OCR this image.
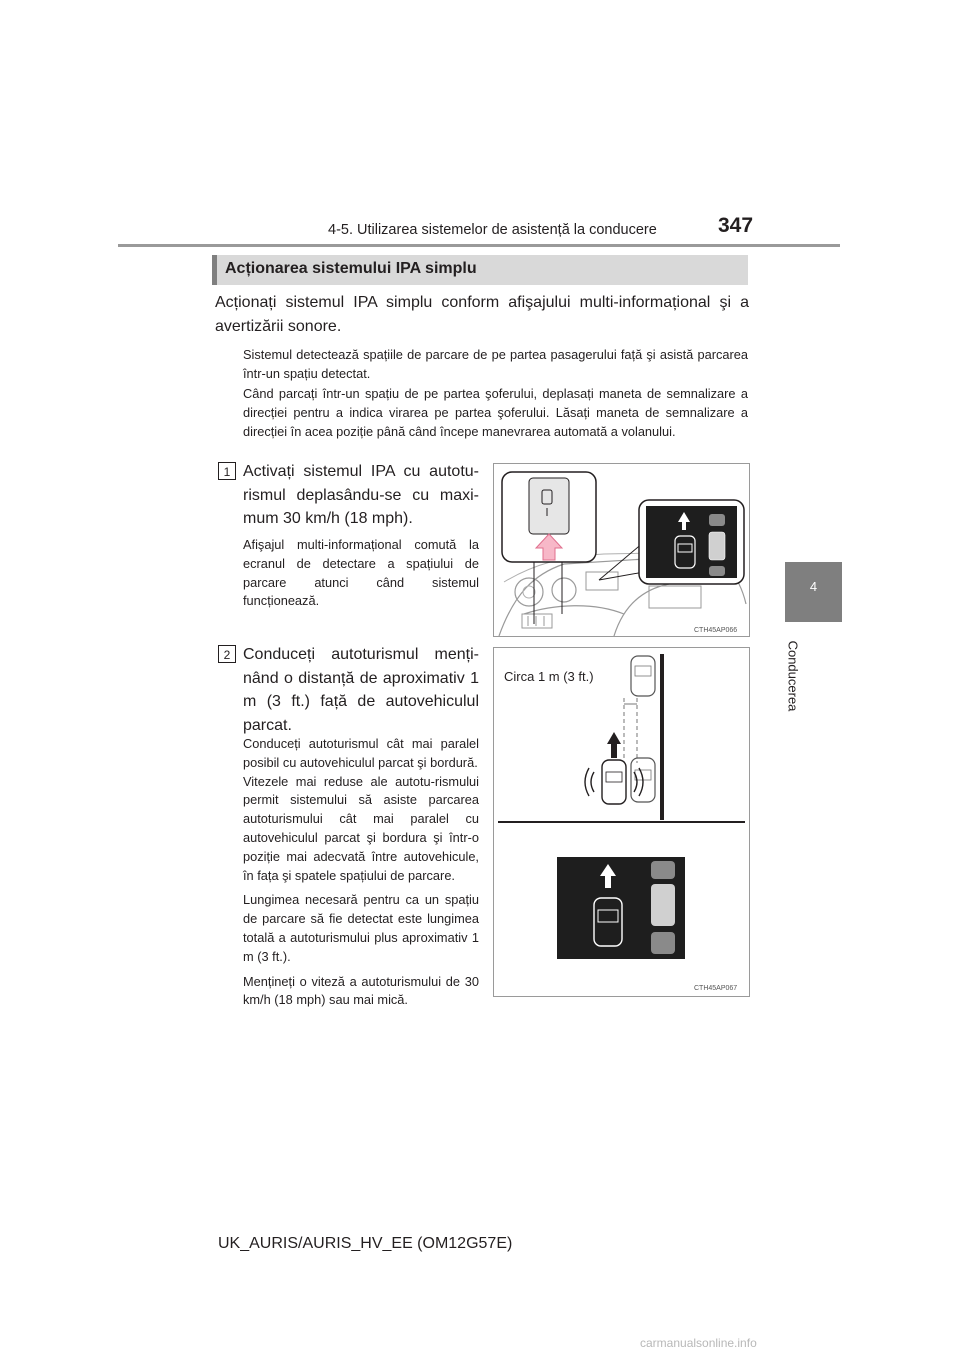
4-5. Utilizarea sistemelor de asistență la conducere	347
4
Conducerea
Acționarea sistemului IPA simplu
Acționați sistemul IPA simplu conform afişajului multi-informațional şi a avertizării sonore.

Sistemul detectează spațiile de parcare de pe partea pasagerului față şi asistă parcarea într-un spațiu detectat.

Când parcați într-un spațiu de pe partea şoferului, deplasați maneta de semnalizare a direcției pentru a indica virarea pe partea şoferului. Lăsați maneta de semnalizare a direcției în acea poziție până când începe manevrarea automată a volanului.

1 Activați sistemul IPA cu autotu-rismul deplasându-se cu maxi-mum 30 km/h (18 mph).

Afişajul multi-informațional comută la ecranul de detectare a spațiului de parcare atunci când sistemul funcționează.

CTH45AP066
2 Conduceți autoturismul menți-nând o distanță de aproximativ 1 m (3 ft.) față de autovehiculul parcat.

Conduceți autoturismul cât mai paralel posibil cu autovehiculul parcat şi bordură.

Vitezele mai reduse ale autotu-rismului permit sistemului să asiste parcarea autoturismului cât mai paralel cu autovehiculul parcat şi bordura şi într-o poziție mai adecvată între autovehicule, în fața şi spatele spațiului de parcare.

Lungimea necesară pentru ca un spațiu de parcare să fie detectat este lungimea totală a autoturismului plus aproximativ 1 m (3 ft.).

Mențineți o viteză a autoturismului de 30 km/h (18 mph) sau mai mică.

Circa 1 m (3 ft.)
CTH45AP067
UK_AURIS/AURIS_HV_EE (OM12G57E)
carmanualsonline.info
